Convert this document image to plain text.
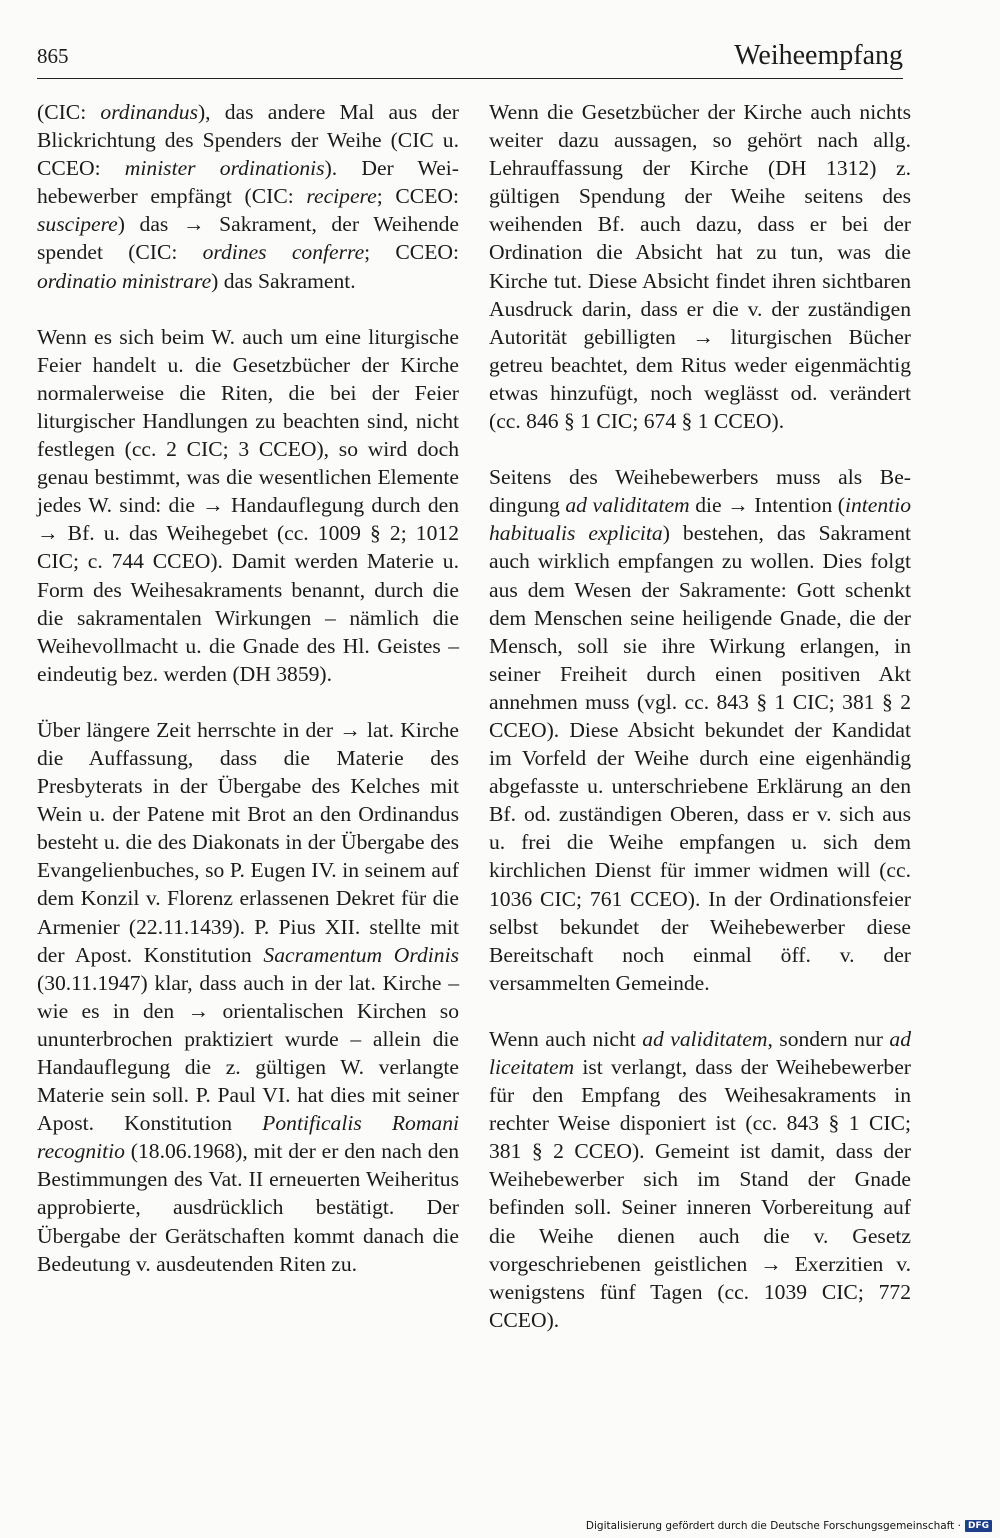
865	Weiheempfang

(CIC: ordinandus), das andere Mal aus der Blickrichtung des Spenders der Weihe (CIC u. CCEO: minister ordinationis). Der Weihebewerber empfängt (CIC: recipere; CCEO: suscipere) das → Sakrament, der Weihende spendet (CIC: ordines conferre; CCEO: ordinatio ministrare) das Sakrament.

Wenn es sich beim W. auch um eine liturgische Feier handelt u. die Gesetzbücher der Kirche normalerweise die Riten, die bei der Feier liturgischer Handlungen zu beachten sind, nicht festlegen (cc. 2 CIC; 3 CCEO), so wird doch genau bestimmt, was die wesentlichen Elemente jedes W. sind: die → Handauflegung durch den → Bf. u. das Weihegebet (cc. 1009 § 2; 1012 CIC; c. 744 CCEO). Damit werden Materie u. Form des Weihesakraments benannt, durch die die sakramentalen Wirkungen – nämlich die Weihevollmacht u. die Gnade des Hl. Geistes – eindeutig bez. werden (DH 3859).

Über längere Zeit herrschte in der → lat. Kirche die Auffassung, dass die Materie des Presbyterats in der Übergabe des Kelches mit Wein u. der Patene mit Brot an den Ordinandus besteht u. die des Diakonats in der Übergabe des Evangelienbuches, so P. Eugen IV. in seinem auf dem Konzil v. Florenz erlassenen Dekret für die Armenier (22.11.1439). P. Pius XII. stellte mit der Apost. Konstitution Sacramentum Ordinis (30.11.1947) klar, dass auch in der lat. Kirche – wie es in den → orientalischen Kirchen so ununterbrochen praktiziert wurde – allein die Handauflegung die z. gültigen W. verlangte Materie sein soll. P. Paul VI. hat dies mit seiner Apost. Konstitution Pontificalis Romani recognitio (18.06.1968), mit der er den nach den Bestimmungen des Vat. II erneuerten Weiheritus approbierte, ausdrücklich bestätigt. Der Übergabe der Gerätschaften kommt danach die Bedeutung v. ausdeutenden Riten zu.

Wenn die Gesetzbücher der Kirche auch nichts weiter dazu aussagen, so gehört nach allg. Lehrauffassung der Kirche (DH 1312) z. gültigen Spendung der Weihe seitens des weihenden Bf. auch dazu, dass er bei der Ordination die Absicht hat zu tun, was die Kirche tut. Diese Absicht findet ihren sichtbaren Ausdruck darin, dass er die v. der zuständigen Autorität gebilligten → liturgischen Bücher getreu beachtet, dem Ritus weder eigenmächtig etwas hinzufügt, noch weglässt od. verändert (cc. 846 § 1 CIC; 674 § 1 CCEO).

Seitens des Weihebewerbers muss als Bedingung ad validitatem die → Intention (intentio habitualis explicita) bestehen, das Sakrament auch wirklich empfangen zu wollen. Dies folgt aus dem Wesen der Sakramente: Gott schenkt dem Menschen seine heiligende Gnade, die der Mensch, soll sie ihre Wirkung erlangen, in seiner Freiheit durch einen positiven Akt annehmen muss (vgl. cc. 843 § 1 CIC; 381 § 2 CCEO). Diese Absicht bekundet der Kandidat im Vorfeld der Weihe durch eine eigenhändig abgefasste u. unterschriebene Erklärung an den Bf. od. zuständigen Oberen, dass er v. sich aus u. frei die Weihe empfangen u. sich dem kirchlichen Dienst für immer widmen will (cc. 1036 CIC; 761 CCEO). In der Ordinationsfeier selbst bekundet der Weihebewerber diese Bereitschaft noch einmal öff. v. der versammelten Gemeinde.

Wenn auch nicht ad validitatem, sondern nur ad liceitatem ist verlangt, dass der Weihebewerber für den Empfang des Weihesakraments in rechter Weise disponiert ist (cc. 843 § 1 CIC; 381 § 2 CCEO). Gemeint ist damit, dass der Weihebewerber sich im Stand der Gnade befinden soll. Seiner inneren Vorbereitung auf die Weihe dienen auch die v. Gesetz vorgeschriebenen geistlichen → Exerzitien v. wenigstens fünf Tagen (cc. 1039 CIC; 772 CCEO).

Digitalisierung gefördert durch die Deutsche Forschungsgemeinschaft · DFG
